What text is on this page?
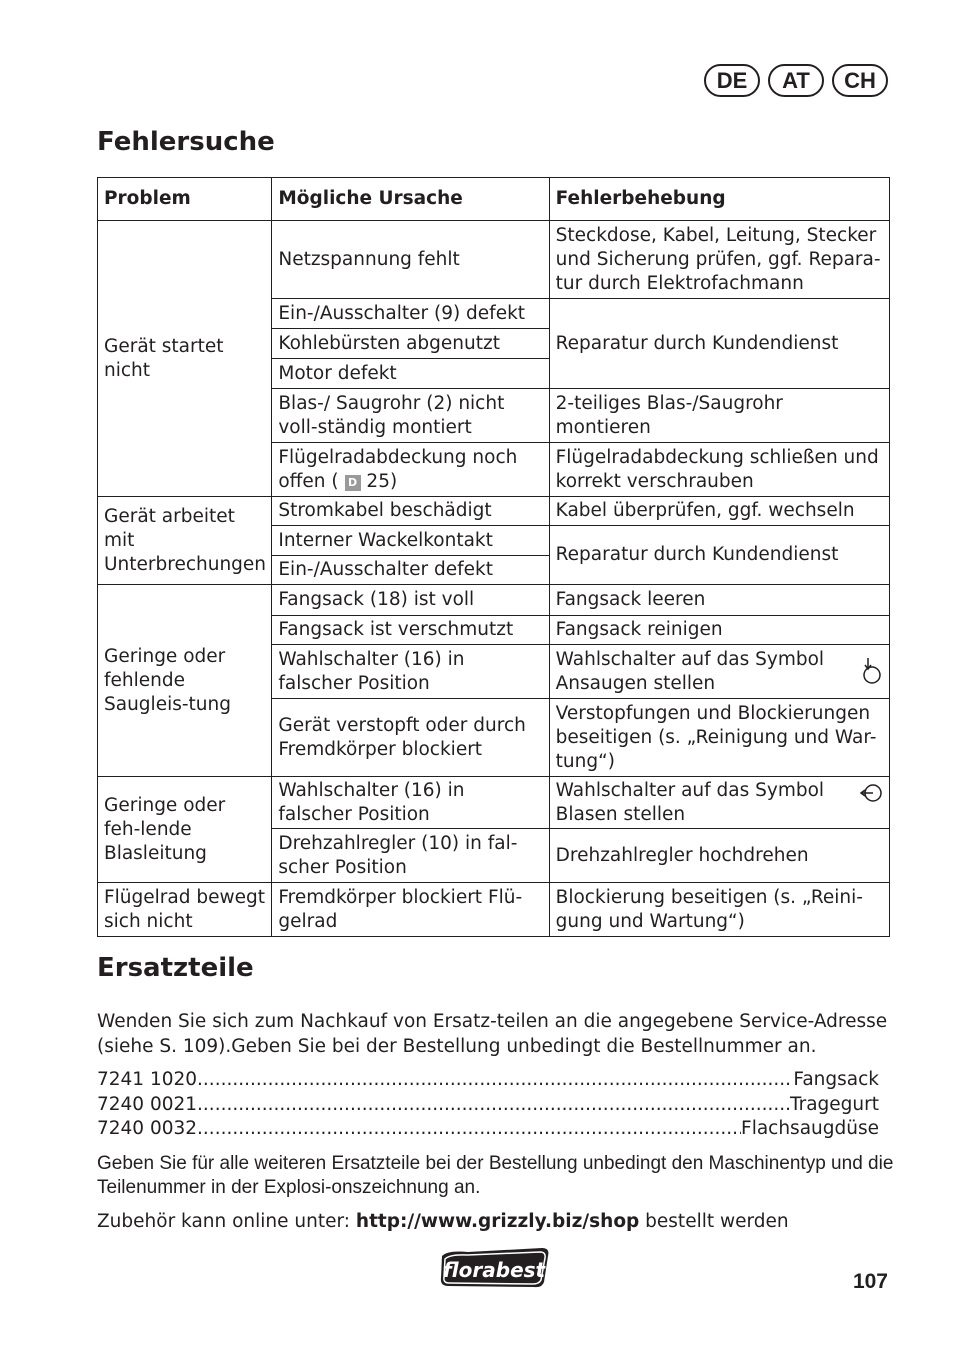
DE	AT	CH
Fehlersuche
Problem	Mögliche Ursache	Fehlerbehebung
Gerät startet nicht	Netzspannung fehlt	Steckdose, Kabel, Leitung, Stecker und Sicherung prüfen, ggf. Repara-tur durch Elektrofachmann
	Ein-/Ausschalter (9) defekt	Reparatur durch Kundendienst
	Kohlebürsten abgenutzt	
	Motor defekt	
	Blas-/ Saugrohr (2) nicht voll-ständig montiert	2-teiliges Blas-/Saugrohr montieren
	Flügelradabdeckung noch offen ( D 25)	Flügelradabdeckung schließen und korrekt verschrauben
Gerät arbeitet mit Unterbrechungen	Stromkabel beschädigt	Kabel überprüfen, ggf. wechseln
	Interner Wackelkontakt	Reparatur durch Kundendienst
	Ein-/Ausschalter defekt	
Geringe oder fehlende Saugleis-tung	Fangsack (18) ist voll	Fangsack leeren
	Fangsack ist verschmutzt	Fangsack reinigen
	Wahlschalter (16) in falscher Position	Wahlschalter auf das Symbol Ansaugen stellen
	Gerät verstopft oder durch Fremdkörper blockiert	Verstopfungen und Blockierungen beseitigen (s. „Reinigung und War-tung“)
Geringe oder feh-lende Blasleitung	Wahlschalter (16) in falscher Position	Wahlschalter auf das Symbol Blasen stellen
	Drehzahlregler (10) in fal-scher Position	Drehzahlregler hochdrehen
Flügelrad bewegt sich nicht	Fremdkörper blockiert Flü-gelrad	Blockierung beseitigen (s. „Reini-gung und Wartung“)
Ersatzteile

Wenden Sie sich zum Nachkauf von Ersatz-teilen an die angegebene Service-Adresse (siehe S. 109).Geben Sie bei der Bestellung unbedingt die Bestellnummer an.

7241 1020 .....	Fangsack
7240 0021 .....	Tragegurt
7240 0032 .....	Flachsaugdüse

Geben Sie für alle weiteren Ersatzteile bei der Bestellung unbedingt den Maschinentyp und die Teilenummer in der Explosi-onszeichnung an.

Zubehör kann online unter: http://www.grizzly.biz/shop bestellt werden

florabest	107
